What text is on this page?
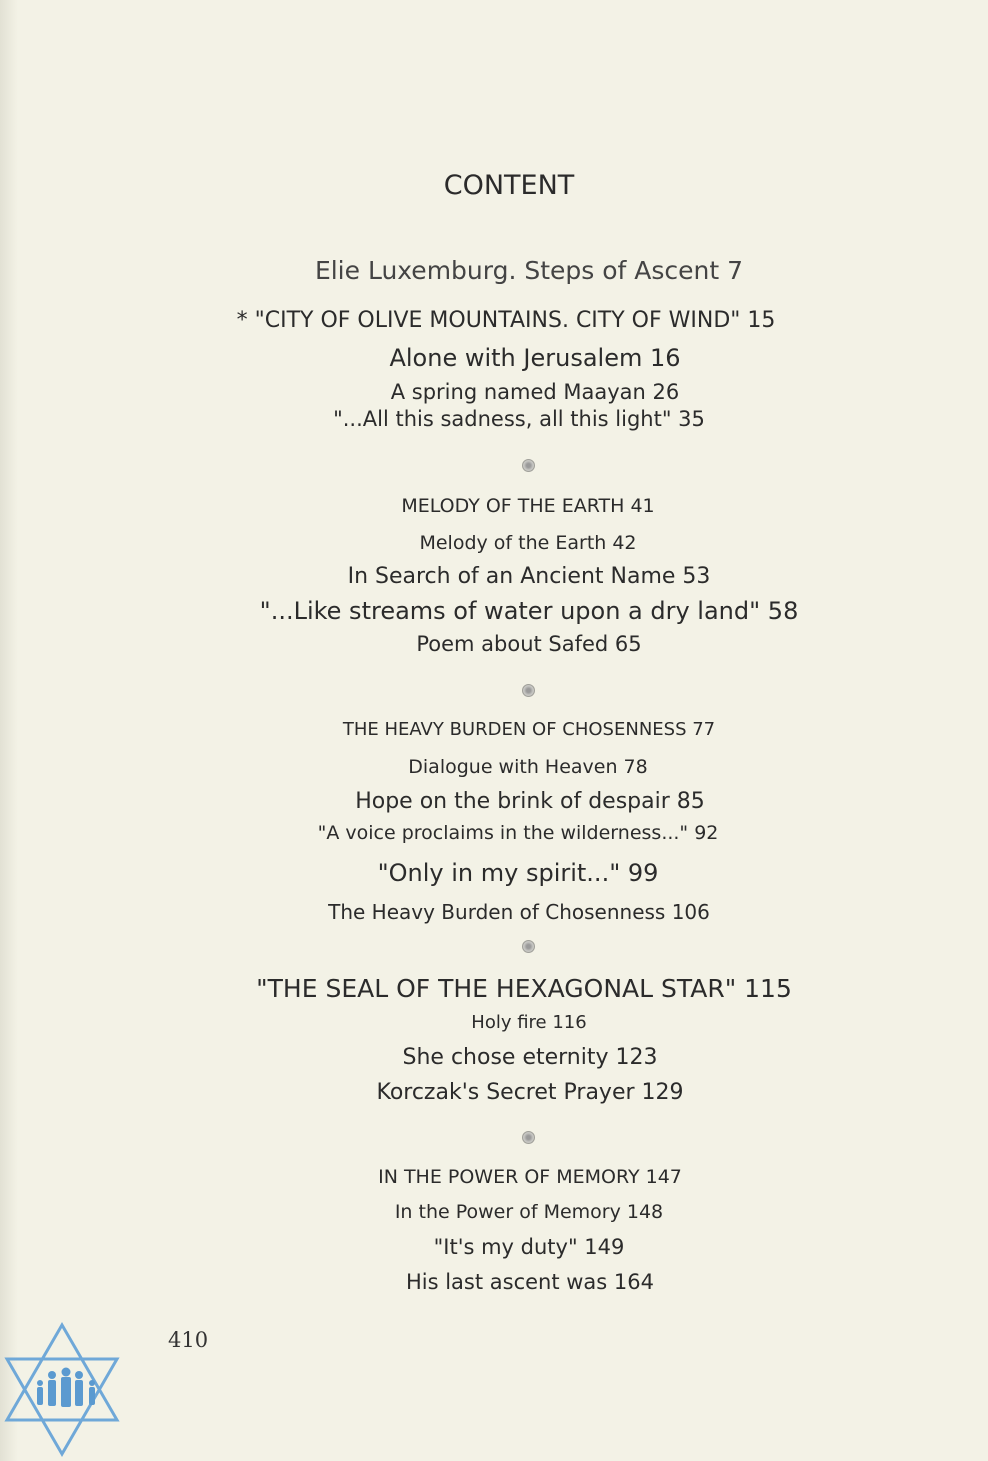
CONTENT
Elie Luxemburg. Steps of Ascent 7
* "CITY OF OLIVE MOUNTAINS. CITY OF WIND" 15
Alone with Jerusalem 16
A spring named Maayan 26
"...All this sadness, all this light" 35
MELODY OF THE EARTH 41
Melody of the Earth 42
In Search of an Ancient Name 53
"...Like streams of water upon a dry land" 58
Poem about Safed 65
THE HEAVY BURDEN OF CHOSENNESS 77
Dialogue with Heaven 78
Hope on the brink of despair 85
"A voice proclaims in the wilderness..." 92
"Only in my spirit..." 99
The Heavy Burden of Chosenness 106
"THE SEAL OF THE HEXAGONAL STAR" 115
Holy fire 116
She chose eternity 123
Korczak's Secret Prayer 129
IN THE POWER OF MEMORY 147
In the Power of Memory 148
"It's my duty" 149
His last ascent was 164
410
